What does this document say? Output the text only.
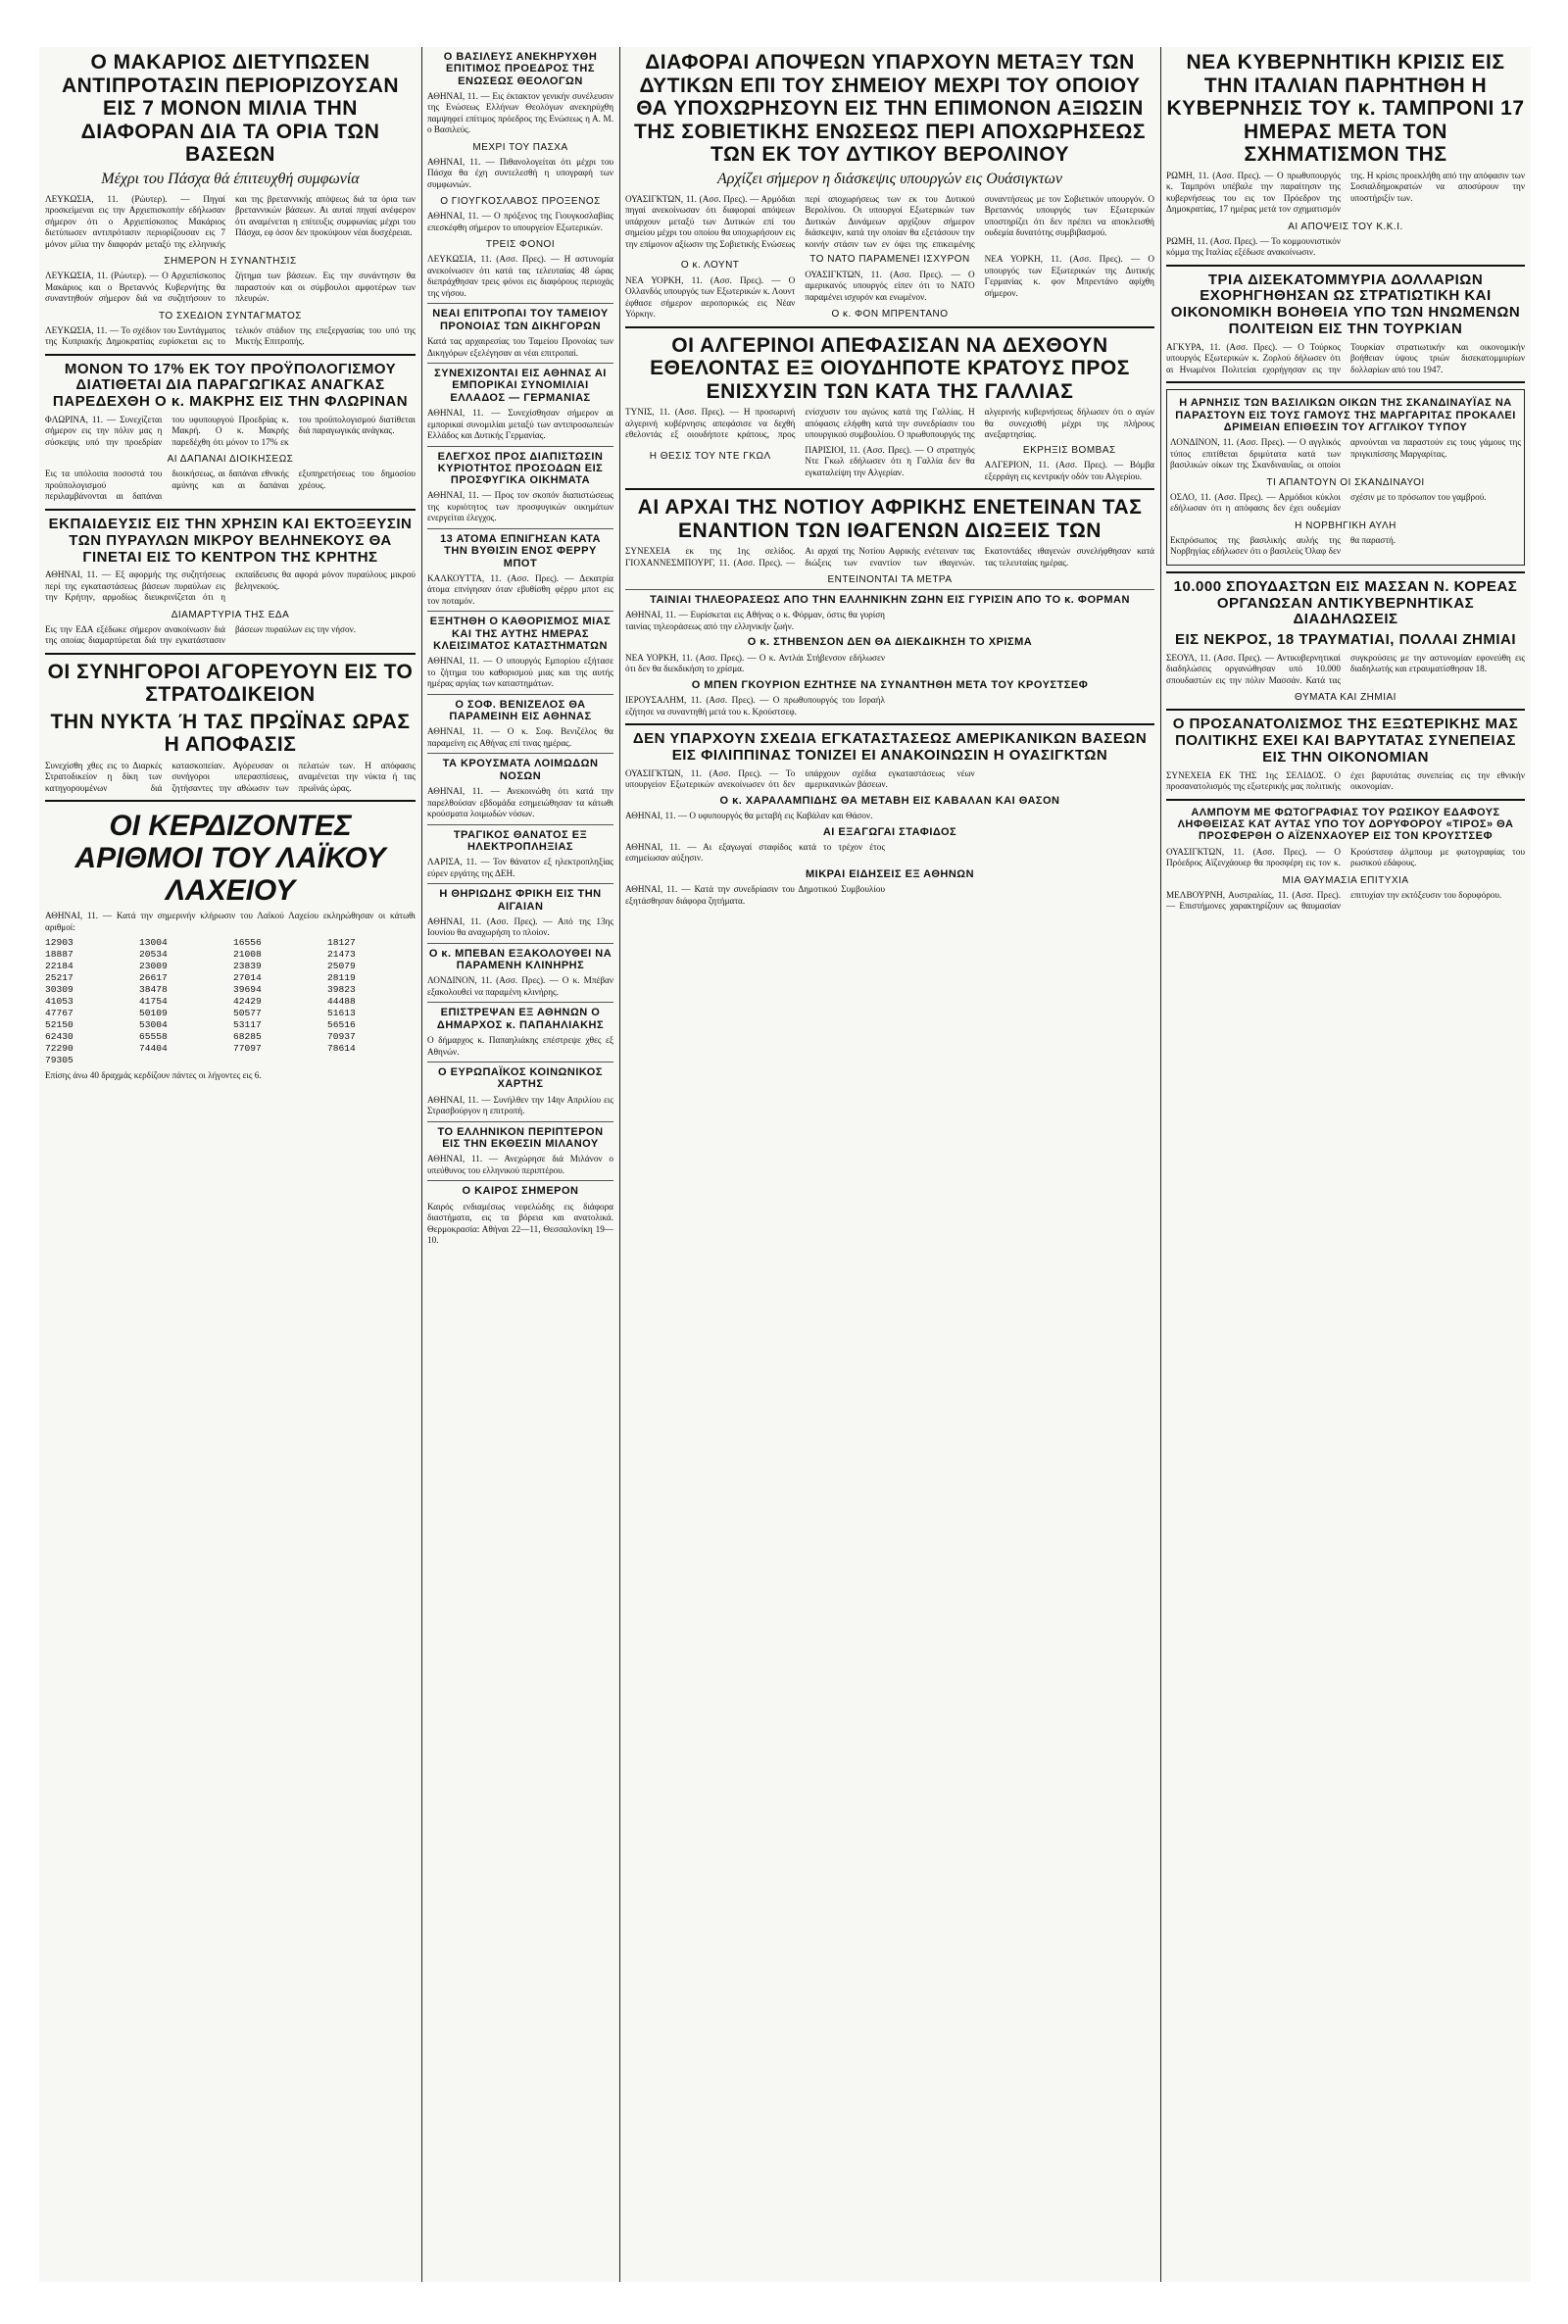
Ο ΜΑΚΑΡΙΟΣ ΔΙΕΤΥΠΩΣΕΝ ΑΝΤΙΠΡΟΤΑΣΙΝ ΠΕΡΙΟΡΙΖΟΥΣΑΝ ΕΙΣ 7 ΜΟΝΟΝ ΜΙΛΙΑ ΤΗΝ ΔΙΑΦΟΡΑΝ ΔΙΑ ΤΑ ΟΡΙΑ ΤΩΝ ΒΑΣΕΩΝ
Μέχρι του Πάσχα θά έπιτευχθή συμφωνία
ΛΕΥΚΩΣΙΑ, 11. (Ρώυτερ). — Πηγαί προσκείμεναι εις την Αρχιεπισκοπήν εδήλωσαν σήμερον ότι ο Αρχιεπίσκοπος Μακάριος διετύπωσεν αντιπρότασιν περιορίζουσαν εις 7 μόνον μίλια την διαφοράν μεταξύ της ελληνικής και της βρεταννικής απόψεως διά τα όρια των βρεταννικών βάσεων. Αι αυταί πηγαί ανέφερον ότι αναμένεται η επίτευξις συμφωνίας μέχρι του Πάσχα, εφ όσον δεν προκύψουν νέαι δυσχέρειαι.
ΣΗΜΕΡΟΝ Η ΣΥΝΑΝΤΗΣΙΣ
ΛΕΥΚΩΣΙΑ, 11. (Ρώυτερ). — Ο Αρχιεπίσκοπος Μακάριος και ο Βρεταννός Κυβερνήτης θα συναντηθούν σήμερον διά να συζητήσουν το ζήτημα των βάσεων. Εις την συνάντησιν θα παραστούν και οι σύμβουλοι αμφοτέρων των πλευρών.
ΤΟ ΣΧΕΔΙΟΝ ΣΥΝΤΑΓΜΑΤΟΣ
ΛΕΥΚΩΣΙΑ, 11. — Το σχέδιον του Συντάγματος της Κυπριακής Δημοκρατίας ευρίσκεται εις το τελικόν στάδιον της επεξεργασίας του υπό της Μικτής Επιτροπής.
ΜΟΝΟΝ ΤΟ 17% ΕΚ ΤΟΥ ΠΡΟΫΠΟΛΟΓΙΣΜΟΥ ΔΙΑΤΙΘΕΤΑΙ ΔΙΑ ΠΑΡΑΓΩΓΙΚΑΣ ΑΝΑΓΚΑΣ ΠΑΡΕΔΕΧΘΗ Ο κ. ΜΑΚΡΗΣ ΕΙΣ ΤΗΝ ΦΛΩΡΙΝΑΝ
ΦΛΩΡΙΝΑ, 11. — Συνεχίζεται σήμερον εις την πόλιν μας η σύσκεψις υπό την προεδρίαν του υφυπουργού Προεδρίας κ. Μακρή. Ο κ. Μακρής παρεδέχθη ότι μόνον το 17% εκ του προϋπολογισμού διατίθεται διά παραγωγικάς ανάγκας.
ΑΙ ΔΑΠΑΝΑΙ ΔΙΟΙΚΗΣΕΩΣ
Εις τα υπόλοιπα ποσοστά του προϋπολογισμού περιλαμβάνονται αι δαπάναι διοικήσεως, αι δαπάναι εθνικής αμύνης και αι δαπάναι εξυπηρετήσεως του δημοσίου χρέους.
ΕΚΠΑΙΔΕΥΣΙΣ ΕΙΣ ΤΗΝ ΧΡΗΣΙΝ ΚΑΙ ΕΚΤΟΞΕΥΣΙΝ ΤΩΝ ΠΥΡΑΥΛΩΝ ΜΙΚΡΟΥ ΒΕΛΗΝΕΚΟΥΣ ΘΑ ΓΙΝΕΤΑΙ ΕΙΣ ΤΟ ΚΕΝΤΡΟΝ ΤΗΣ ΚΡΗΤΗΣ
ΑΘΗΝΑΙ, 11. — Εξ αφορμής της συζητήσεως περί της εγκαταστάσεως βάσεων πυραύλων εις την Κρήτην, αρμοδίως διευκρινίζεται ότι η εκπαίδευσις θα αφορά μόνον πυραύλους μικρού βεληνεκούς.
ΔΙΑΜΑΡΤΥΡΙΑ ΤΗΣ ΕΔΑ
Εις την ΕΔΑ εξέδωκε σήμερον ανακοίνωσιν διά της οποίας διαμαρτύρεται διά την εγκατάστασιν βάσεων πυραύλων εις την νήσον.
ΟΙ ΣΥΝΗΓΟΡΟΙ ΑΓΟΡΕΥΟΥΝ ΕΙΣ ΤΟ ΣΤΡΑΤΟΔΙΚΕΙΟΝ
ΤΗΝ ΝΥΚΤΑ Ή ΤΑΣ ΠΡΩΪΝΑΣ ΩΡΑΣ Η ΑΠΟΦΑΣΙΣ
Συνεχίσθη χθες εις το Διαρκές Στρατοδικείον η δίκη των κατηγορουμένων διά κατασκοπείαν. Αγόρευσαν οι συνήγοροι υπερασπίσεως, ζητήσαντες την αθώωσιν των πελατών των. Η απόφασις αναμένεται την νύκτα ή τας πρωϊνάς ώρας.
ΟΙ ΚΕΡΔΙΖΟΝΤΕΣ ΑΡΙΘΜΟΙ ΤΟΥ ΛΑΪΚΟΥ ΛΑΧΕΙΟΥ
ΑΘΗΝΑΙ, 11. — Κατά την σημερινήν κλήρωσιν του Λαϊκού Λαχείου εκληρώθησαν οι κάτωθι αριθμοί:
12903	13004	16556	18127
18887	20534	21008	21473
22184	23009	23839	25079
25217	26617	27014	28119
30309	38478	39694	39823
41053	41754	42429	44488
47767	50109	50577	51613
52150	53004	53117	56516
62430	65558	68285	70937
72290	74404	77097	78614
79305
Επίσης άνω 40 δραχμάς κερδίζουν πάντες οι λήγοντες εις 6.
Ο ΒΑΣΙΛΕΥΣ ΑΝΕΚΗΡΥΧΘΗ ΕΠΙΤΙΜΟΣ ΠΡΟΕΔΡΟΣ ΤΗΣ ΕΝΩΣΕΩΣ ΘΕΟΛΟΓΩΝ
ΑΘΗΝΑΙ, 11. — Εις έκτακτον γενικήν συνέλευσιν της Ενώσεως Ελλήνων Θεολόγων ανεκηρύχθη παμψηφεί επίτιμος πρόεδρος της Ενώσεως η Α. Μ. ο Βασιλεύς.
ΜΕΧΡΙ ΤΟΥ ΠΑΣΧΑ
ΑΘΗΝΑΙ, 11. — Πιθανολογείται ότι μέχρι του Πάσχα θα έχη συντελεσθή η υπογραφή των συμφωνιών.
Ο ΓΙΟΥΓΚΟΣΛΑΒΟΣ ΠΡΟΞΕΝΟΣ
ΑΘΗΝΑΙ, 11. — Ο πρόξενος της Γιουγκοσλαβίας επεσκέφθη σήμερον το υπουργείον Εξωτερικών.
ΤΡΕΙΣ ΦΟΝΟΙ
ΛΕΥΚΩΣΙΑ, 11. (Ασσ. Πρες). — Η αστυνομία ανεκοίνωσεν ότι κατά τας τελευταίας 48 ώρας διεπράχθησαν τρεις φόνοι εις διαφόρους περιοχάς της νήσου.
ΝΕΑΙ ΕΠΙΤΡΟΠΑΙ ΤΟΥ ΤΑΜΕΙΟΥ ΠΡΟΝΟΙΑΣ ΤΩΝ ΔΙΚΗΓΟΡΩΝ
Κατά τας αρχαιρεσίας του Ταμείου Προνοίας των Δικηγόρων εξελέγησαν αι νέαι επιτροπαί.
ΣΥΝΕΧΙΖΟΝΤΑΙ ΕΙΣ ΑΘΗΝΑΣ ΑΙ ΕΜΠΟΡΙΚΑΙ ΣΥΝΟΜΙΛΙΑΙ ΕΛΛΑΔΟΣ — ΓΕΡΜΑΝΙΑΣ
ΑΘΗΝΑΙ, 11. — Συνεχίσθησαν σήμερον αι εμπορικαί συνομιλίαι μεταξύ των αντιπροσωπειών Ελλάδος και Δυτικής Γερμανίας.
ΕΛΕΓΧΟΣ ΠΡΟΣ ΔΙΑΠΙΣΤΩΣΙΝ ΚΥΡΙΟΤΗΤΟΣ ΠΡΟΣΟΔΩΝ ΕΙΣ ΠΡΟΣΦΥΓΙΚΑ ΟΙΚΗΜΑΤΑ
ΑΘΗΝΑΙ, 11. — Προς τον σκοπόν διαπιστώσεως της κυριότητος των προσφυγικών οικημάτων ενεργείται έλεγχος.
13 ΑΤΟΜΑ ΕΠΝΙΓΗΣΑΝ ΚΑΤΑ ΤΗΝ ΒΥΘΙΣΙΝ ΕΝΟΣ ΦΕΡΡΥ ΜΠΟΤ
ΚΑΛΚΟΥΤΤΑ, 11. (Ασσ. Πρες). — Δεκατρία άτομα επνίγησαν όταν εβυθίσθη φέρρυ μποτ εις τον ποταμόν.
ΕΞΗΤΗΘΗ Ο ΚΑΘΟΡΙΣΜΟΣ ΜΙΑΣ ΚΑΙ ΤΗΣ ΑΥΤΗΣ ΗΜΕΡΑΣ ΚΛΕΙΣΙΜΑΤΟΣ ΚΑΤΑΣΤΗΜΑΤΩΝ
ΑΘΗΝΑΙ, 11. — Ο υπουργός Εμπορίου εξήτασε το ζήτημα του καθορισμού μιας και της αυτής ημέρας αργίας των καταστημάτων.
Ο ΣΟΦ. ΒΕΝΙΖΕΛΟΣ ΘΑ ΠΑΡΑΜΕΙΝΗ ΕΙΣ ΑΘΗΝΑΣ
ΑΘΗΝΑΙ, 11. — Ο κ. Σοφ. Βενιζέλος θα παραμείνη εις Αθήνας επί τινας ημέρας.
ΤΑ ΚΡΟΥΣΜΑΤΑ ΛΟΙΜΩΔΩΝ ΝΟΣΩΝ
ΑΘΗΝΑΙ, 11. — Ανεκοινώθη ότι κατά την παρελθούσαν εβδομάδα εσημειώθησαν τα κάτωθι κρούσματα λοιμωδών νόσων.
ΤΡΑΓΙΚΟΣ ΘΑΝΑΤΟΣ ΕΞ ΗΛΕΚΤΡΟΠΛΗΞΙΑΣ
ΛΑΡΙΣΑ, 11. — Τον θάνατον εξ ηλεκτροπληξίας εύρεν εργάτης της ΔΕΗ.
Η ΘΗΡΙΩΔΗΣ ΦΡΙΚΗ ΕΙΣ ΤΗΝ ΑΙΓΑΙΑΝ
ΑΘΗΝΑΙ, 11. (Ασσ. Πρες). — Από της 13ης Ιουνίου θα αναχωρήση το πλοίον.
Ο κ. ΜΠΕΒΑΝ ΕΞΑΚΟΛΟΥΘΕΙ ΝΑ ΠΑΡΑΜΕΝΗ ΚΛΙΝΗΡΗΣ
ΛΟΝΔΙΝΟΝ, 11. (Ασσ. Πρες). — Ο κ. Μπέβαν εξακολουθεί να παραμένη κλινήρης.
ΕΠΙΣΤΡΕΨΑΝ ΕΞ ΑΘΗΝΩΝ Ο ΔΗΜΑΡΧΟΣ κ. ΠΑΠΑΗΛΙΑΚΗΣ
Ο δήμαρχος κ. Παπαηλιάκης επέστρεψε χθες εξ Αθηνών.
Ο ΕΥΡΩΠΑΪΚΟΣ ΚΟΙΝΩΝΙΚΟΣ ΧΑΡΤΗΣ
ΑΘΗΝΑΙ, 11. — Συνήλθεν την 14ην Απριλίου εις Στρασβούργον η επιτροπή.
ΤΟ ΕΛΛΗΝΙΚΟΝ ΠΕΡΙΠΤΕΡΟΝ ΕΙΣ ΤΗΝ ΕΚΘΕΣΙΝ ΜΙΛΑΝΟΥ
ΑΘΗΝΑΙ, 11. — Ανεχώρησε διά Μιλάνον ο υπεύθυνος του ελληνικού περιπτέρου.
Ο ΚΑΙΡΟΣ ΣΗΜΕΡΟΝ
Καιρός ενδιαμέσως νεφελώδης εις διάφορα διαστήματα, εις τα βόρεια και ανατολικά. Θερμοκρασία: Αθήναι 22—11, Θεσσαλονίκη 19—10.
ΔΙΑΦΟΡΑΙ ΑΠΟΨΕΩΝ ΥΠΑΡΧΟΥΝ ΜΕΤΑΞΥ ΤΩΝ ΔΥΤΙΚΩΝ ΕΠΙ ΤΟΥ ΣΗΜΕΙΟΥ ΜΕΧΡΙ ΤΟΥ ΟΠΟΙΟΥ ΘΑ ΥΠΟΧΩΡΗΣΟΥΝ ΕΙΣ ΤΗΝ ΕΠΙΜΟΝΟΝ ΑΞΙΩΣΙΝ ΤΗΣ ΣΟΒΙΕΤΙΚΗΣ ΕΝΩΣΕΩΣ ΠΕΡΙ ΑΠΟΧΩΡΗΣΕΩΣ ΤΩΝ ΕΚ ΤΟΥ ΔΥΤΙΚΟΥ ΒΕΡΟΛΙΝΟΥ
Αρχίζει σήμερον η διάσκεψις υπουργών εις Ουάσιγκτων
ΟΥΑΣΙΓΚΤΩΝ, 11. (Ασσ. Πρες). — Αρμόδιαι πηγαί ανεκοίνωσαν ότι διαφοραί απόψεων υπάρχουν μεταξύ των Δυτικών επί του σημείου μέχρι του οποίου θα υποχωρήσουν εις την επίμονον αξίωσιν της Σοβιετικής Ενώσεως περί αποχωρήσεως των εκ του Δυτικού Βερολίνου. Οι υπουργοί Εξωτερικών των Δυτικών Δυνάμεων αρχίζουν σήμερον διάσκεψιν, κατά την οποίαν θα εξετάσουν την κοινήν στάσιν των εν όψει της επικειμένης συναντήσεως με τον Σοβιετικόν υπουργόν. Ο Βρεταννός υπουργός των Εξωτερικών υποστηρίζει ότι δεν πρέπει να αποκλεισθή ουδεμία δυνατότης συμβιβασμού.
Ο κ. ΛΟΥΝΤ
ΝΕΑ ΥΟΡΚΗ, 11. (Ασσ. Πρες). — Ο Ολλανδός υπουργός των Εξωτερικών κ. Λουντ έφθασε σήμερον αεροπορικώς εις Νέαν Υόρκην.
ΤΟ ΝΑΤΟ ΠΑΡΑΜΕΝΕΙ ΙΣΧΥΡΟΝ
ΟΥΑΣΙΓΚΤΩΝ, 11. (Ασσ. Πρες). — Ο αμερικανός υπουργός είπεν ότι το ΝΑΤΟ παραμένει ισχυρόν και ενωμένον.
Ο κ. ΦΟΝ ΜΠΡΕΝΤΑΝΟ
ΝΕΑ ΥΟΡΚΗ, 11. (Ασσ. Πρες). — Ο υπουργός των Εξωτερικών της Δυτικής Γερμανίας κ. φον Μπρεντάνο αφίχθη σήμερον.
ΟΙ ΑΛΓΕΡΙΝΟΙ ΑΠΕΦΑΣΙΣΑΝ ΝΑ ΔΕΧΘΟΥΝ ΕΘΕΛΟΝΤΑΣ ΕΞ ΟΙΟΥΔΗΠΟΤΕ ΚΡΑΤΟΥΣ ΠΡΟΣ ΕΝΙΣΧΥΣΙΝ ΤΩΝ ΚΑΤΑ ΤΗΣ ΓΑΛΛΙΑΣ
ΤΥΝΙΣ, 11. (Ασσ. Πρες). — Η προσωρινή αλγερινή κυβέρνησις απεφάσισε να δεχθή εθελοντάς εξ οιουδήποτε κράτους, προς ενίσχυσιν του αγώνος κατά της Γαλλίας. Η απόφασις ελήφθη κατά την συνεδρίασιν του υπουργικού συμβουλίου. Ο πρωθυπουργός της αλγερινής κυβερνήσεως δήλωσεν ότι ο αγών θα συνεχισθή μέχρι της πλήρους ανεξαρτησίας.
Η ΘΕΣΙΣ ΤΟΥ ΝΤΕ ΓΚΩΛ
ΠΑΡΙΣΙΟΙ, 11. (Ασσ. Πρες). — Ο στρατηγός Ντε Γκωλ εδήλωσεν ότι η Γαλλία δεν θα εγκαταλείψη την Αλγερίαν.
ΕΚΡΗΞΙΣ ΒΟΜΒΑΣ
ΑΛΓΕΡΙΟΝ, 11. (Ασσ. Πρες). — Βόμβα εξερράγη εις κεντρικήν οδόν του Αλγερίου.
ΑΙ ΑΡΧΑΙ ΤΗΣ ΝΟΤΙΟΥ ΑΦΡΙΚΗΣ ΕΝΕΤΕΙΝΑΝ ΤΑΣ ΕΝΑΝΤΙΟΝ ΤΩΝ ΙΘΑΓΕΝΩΝ ΔΙΩΞΕΙΣ ΤΩΝ
ΣΥΝΕΧΕΙΑ εκ της 1ης σελίδος. ΓΙΟΧΑΝΝΕΣΜΠΟΥΡΓ, 11. (Ασσ. Πρες). — Αι αρχαί της Νοτίου Αφρικής ενέτειναν τας διώξεις των εναντίον των ιθαγενών. Εκατοντάδες ιθαγενών συνελήφθησαν κατά τας τελευταίας ημέρας.
ΕΝΤΕΙΝΟΝΤΑΙ ΤΑ ΜΕΤΡΑ
ΤΑΙΝΙΑΙ ΤΗΛΕΟΡΑΣΕΩΣ ΑΠΟ ΤΗΝ ΕΛΛΗΝΙΚΗΝ ΖΩΗΝ ΕΙΣ ΓΥΡΙΣΙΝ ΑΠΟ ΤΟ κ. ΦΟΡΜΑΝ
ΑΘΗΝΑΙ, 11. — Ευρίσκεται εις Αθήνας ο κ. Φόρμαν, όστις θα γυρίση ταινίας τηλεοράσεως από την ελληνικήν ζωήν.
Ο κ. ΣΤΗΒΕΝΣΟΝ ΔΕΝ ΘΑ ΔΙΕΚΔΙΚΗΣΗ ΤΟ ΧΡΙΣΜΑ
ΝΕΑ ΥΟΡΚΗ, 11. (Ασσ. Πρες). — Ο κ. Αντλάι Στήβενσον εδήλωσεν ότι δεν θα διεκδικήση το χρίσμα.
Ο ΜΠΕΝ ΓΚΟΥΡΙΟΝ ΕΖΗΤΗΣΕ ΝΑ ΣΥΝΑΝΤΗΘΗ ΜΕΤΑ ΤΟΥ ΚΡΟΥΣΤΣΕΦ
ΙΕΡΟΥΣΑΛΗΜ, 11. (Ασσ. Πρες). — Ο πρωθυπουργός του Ισραήλ εζήτησε να συναντηθή μετά του κ. Κρούστσεφ.
ΔΕΝ ΥΠΑΡΧΟΥΝ ΣΧΕΔΙΑ ΕΓΚΑΤΑΣΤΑΣΕΩΣ ΑΜΕΡΙΚΑΝΙΚΩΝ ΒΑΣΕΩΝ ΕΙΣ ΦΙΛΙΠΠΙΝΑΣ ΤΟΝΙΖΕΙ ΕΙ ΑΝΑΚΟΙΝΩΣΙΝ Η ΟΥΑΣΙΓΚΤΩΝ
ΟΥΑΣΙΓΚΤΩΝ, 11. (Ασσ. Πρες). — Το υπουργείον Εξωτερικών ανεκοίνωσεν ότι δεν υπάρχουν σχέδια εγκαταστάσεως νέων αμερικανικών βάσεων.
Ο κ. ΧΑΡΑΛΑΜΠΙΔΗΣ ΘΑ ΜΕΤΑΒΗ ΕΙΣ ΚΑΒΑΛΑΝ ΚΑΙ ΘΑΣΟΝ
ΑΘΗΝΑΙ, 11. — Ο υφυπουργός θα μεταβή εις Καβάλαν και Θάσον.
ΑΙ ΕΞΑΓΩΓΑΙ ΣΤΑΦΙΔΟΣ
ΑΘΗΝΑΙ, 11. — Αι εξαγωγαί σταφίδος κατά το τρέχον έτος εσημείωσαν αύξησιν.
ΜΙΚΡΑΙ ΕΙΔΗΣΕΙΣ ΕΞ ΑΘΗΝΩΝ
ΑΘΗΝΑΙ, 11. — Κατά την συνεδρίασιν του Δημοτικού Συμβουλίου εξητάσθησαν διάφορα ζητήματα.
ΝΕΑ ΚΥΒΕΡΝΗΤΙΚΗ ΚΡΙΣΙΣ ΕΙΣ ΤΗΝ ΙΤΑΛΙΑΝ ΠΑΡΗΤΗΘΗ Η ΚΥΒΕΡΝΗΣΙΣ ΤΟΥ κ. ΤΑΜΠΡΟΝΙ 17 ΗΜΕΡΑΣ ΜΕΤΑ ΤΟΝ ΣΧΗΜΑΤΙΣΜΟΝ ΤΗΣ
ΡΩΜΗ, 11. (Ασσ. Πρες). — Ο πρωθυπουργός κ. Ταμπρόνι υπέβαλε την παραίτησιν της κυβερνήσεως του εις τον Πρόεδρον της Δημοκρατίας, 17 ημέρας μετά τον σχηματισμόν της. Η κρίσις προεκλήθη από την απόφασιν των Σοσιαλδημοκρατών να αποσύρουν την υποστήριξίν των.
ΑΙ ΑΠΟΨΕΙΣ ΤΟΥ Κ.Κ.Ι.
ΡΩΜΗ, 11. (Ασσ. Πρες). — Το κομμουνιστικόν κόμμα της Ιταλίας εξέδωσε ανακοίνωσιν.
ΤΡΙΑ ΔΙΣΕΚΑΤΟΜΜΥΡΙΑ ΔΟΛΛΑΡΙΩΝ ΕΧΟΡΗΓΗΘΗΣΑΝ ΩΣ ΣΤΡΑΤΙΩΤΙΚΗ ΚΑΙ ΟΙΚΟΝΟΜΙΚΗ ΒΟΗΘΕΙΑ ΥΠΟ ΤΩΝ ΗΝΩΜΕΝΩΝ ΠΟΛΙΤΕΙΩΝ ΕΙΣ ΤΗΝ ΤΟΥΡΚΙΑΝ
ΑΓΚΥΡΑ, 11. (Ασσ. Πρες). — Ο Τούρκος υπουργός Εξωτερικών κ. Ζορλού δήλωσεν ότι αι Ηνωμένοι Πολιτείαι εχορήγησαν εις την Τουρκίαν στρατιωτικήν και οικονομικήν βοήθειαν ύψους τριών δισεκατομμυρίων δολλαρίων από του 1947.
Η ΑΡΝΗΣΙΣ ΤΩΝ ΒΑΣΙΛΙΚΩΝ ΟΙΚΩΝ ΤΗΣ ΣΚΑΝΔΙΝΑΥΪΑΣ ΝΑ ΠΑΡΑΣΤΟΥΝ ΕΙΣ ΤΟΥΣ ΓΑΜΟΥΣ ΤΗΣ ΜΑΡΓΑΡΙΤΑΣ ΠΡΟΚΑΛΕΙ ΔΡΙΜΕΙΑΝ ΕΠΙΘΕΣΙΝ ΤΟΥ ΑΓΓΛΙΚΟΥ ΤΥΠΟΥ
ΛΟΝΔΙΝΟΝ, 11. (Ασσ. Πρες). — Ο αγγλικός τύπος επιτίθεται δριμύτατα κατά των βασιλικών οίκων της Σκανδιναυΐας, οι οποίοι αρνούνται να παραστούν εις τους γάμους της πριγκιπίσσης Μαργαρίτας.
ΤΙ ΑΠΑΝΤΟΥΝ ΟΙ ΣΚΑΝΔΙΝΑΥΟΙ
ΟΣΛΟ, 11. (Ασσ. Πρες). — Αρμόδιοι κύκλοι εδήλωσαν ότι η απόφασις δεν έχει ουδεμίαν σχέσιν με το πρόσωπον του γαμβρού.
Η ΝΟΡΒΗΓΙΚΗ ΑΥΛΗ
Εκπρόσωπος της βασιλικής αυλής της Νορβηγίας εδήλωσεν ότι ο βασιλεύς Όλαφ δεν θα παραστή.
10.000 ΣΠΟΥΔΑΣΤΩΝ ΕΙΣ ΜΑΣΣΑΝ Ν. ΚΟΡΕΑΣ ΟΡΓΑΝΩΣΑΝ ΑΝΤΙΚΥΒΕΡΝΗΤΙΚΑΣ ΔΙΑΔΗΛΩΣΕΙΣ
ΕΙΣ ΝΕΚΡΟΣ, 18 ΤΡΑΥΜΑΤΙΑΙ, ΠΟΛΛΑΙ ΖΗΜΙΑΙ
ΣΕΟΥΛ, 11. (Ασσ. Πρες). — Αντικυβερνητικαί διαδηλώσεις οργανώθησαν υπό 10.000 σπουδαστών εις την πόλιν Μασσάν. Κατά τας συγκρούσεις με την αστυνομίαν εφονεύθη εις διαδηλωτής και ετραυματίσθησαν 18.
ΘΥΜΑΤΑ ΚΑΙ ΖΗΜΙΑΙ
Ο ΠΡΟΣΑΝΑΤΟΛΙΣΜΟΣ ΤΗΣ ΕΞΩΤΕΡΙΚΗΣ ΜΑΣ ΠΟΛΙΤΙΚΗΣ ΕΧΕΙ ΚΑΙ ΒΑΡΥΤΑΤΑΣ ΣΥΝΕΠΕΙΑΣ ΕΙΣ ΤΗΝ ΟΙΚΟΝΟΜΙΑΝ
ΣΥΝΕΧΕΙΑ ΕΚ ΤΗΣ 1ης ΣΕΛΙΔΟΣ. Ο προσανατολισμός της εξωτερικής μας πολιτικής έχει βαρυτάτας συνεπείας εις την εθνικήν οικονομίαν.
ΑΛΜΠΟΥΜ ΜΕ ΦΩΤΟΓΡΑΦΙΑΣ ΤΟΥ ΡΩΣΙΚΟΥ ΕΔΑΦΟΥΣ ΛΗΦΘΕΙΣΑΣ ΚΑΤ ΑΥΤΑΣ ΥΠΟ ΤΟΥ ΔΟΡΥΦΟΡΟΥ «ΤΙΡΟΣ» ΘΑ ΠΡΟΣΦΕΡΘΗ Ο ΑΪΖΕΝΧΑΟΥΕΡ ΕΙΣ ΤΟΝ ΚΡΟΥΣΤΣΕΦ
ΟΥΑΣΙΓΚΤΩΝ, 11. (Ασσ. Πρες). — Ο Πρόεδρος Αϊζενχάουερ θα προσφέρη εις τον κ. Κρούστσεφ άλμπουμ με φωτογραφίας του ρωσικού εδάφους.
ΜΙΑ ΘΑΥΜΑΣΙΑ ΕΠΙΤΥΧΙΑ
ΜΕΛΒΟΥΡΝΗ, Αυστραλίας, 11. (Ασσ. Πρες). — Επιστήμονες χαρακτηρίζουν ως θαυμασίαν επιτυχίαν την εκτόξευσιν του δορυφόρου.
